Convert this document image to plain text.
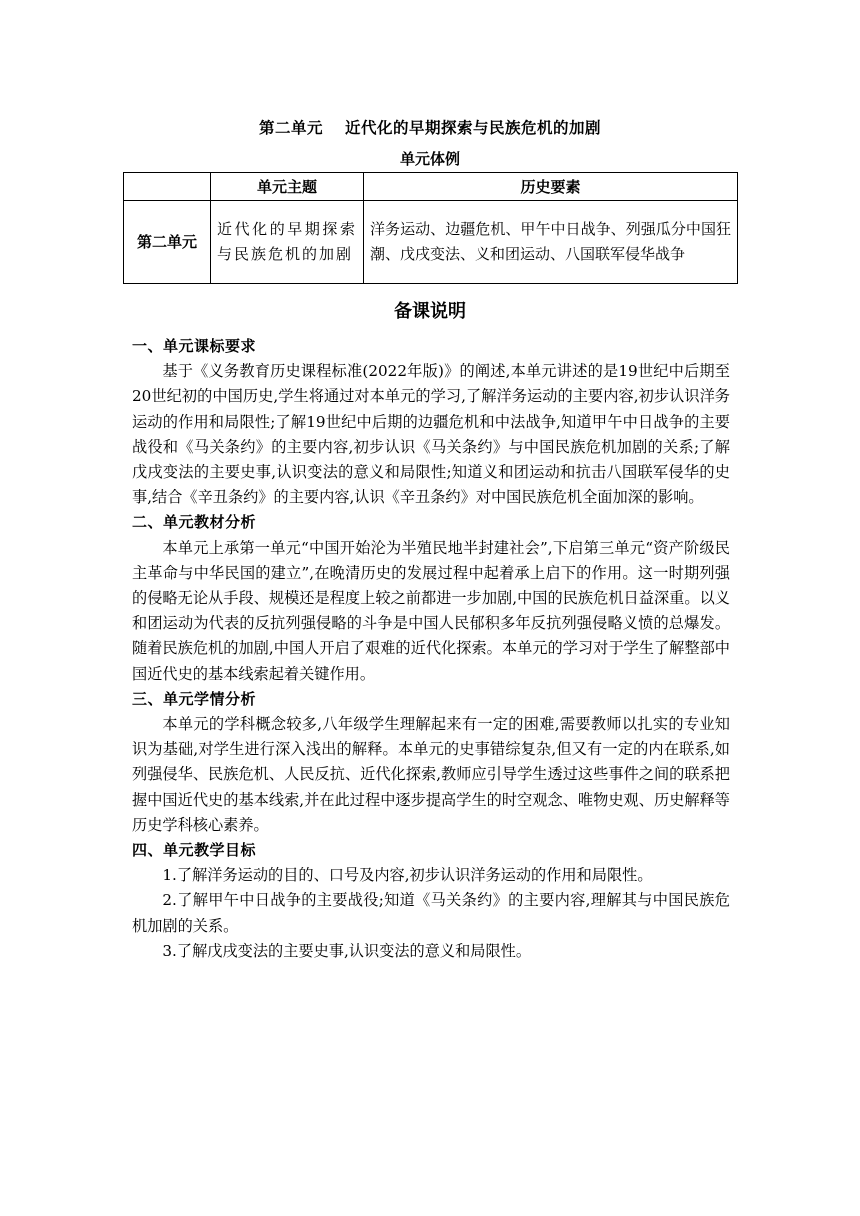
第二单元 近代化的早期探索与民族危机的加剧
单元体例
	单元主题	历史要素
第二单元	近代化的早期探索与民族危机的加剧	洋务运动、边疆危机、甲午中日战争、列强瓜分中国狂潮、戊戌变法、义和团运动、八国联军侵华战争
备课说明
一、单元课标要求

基于《义务教育历史课程标准(2022年版)》的阐述,本单元讲述的是19世纪中后期至20世纪初的中国历史,学生将通过对本单元的学习,了解洋务运动的主要内容,初步认识洋务运动的作用和局限性;了解19世纪中后期的边疆危机和中法战争,知道甲午中日战争的主要战役和《马关条约》的主要内容,初步认识《马关条约》与中国民族危机加剧的关系;了解戊戌变法的主要史事,认识变法的意义和局限性;知道义和团运动和抗击八国联军侵华的史事,结合《辛丑条约》的主要内容,认识《辛丑条约》对中国民族危机全面加深的影响。

二、单元教材分析

本单元上承第一单元“中国开始沦为半殖民地半封建社会”,下启第三单元“资产阶级民主革命与中华民国的建立”,在晚清历史的发展过程中起着承上启下的作用。这一时期列强的侵略无论从手段、规模还是程度上较之前都进一步加剧,中国的民族危机日益深重。以义和团运动为代表的反抗列强侵略的斗争是中国人民郁积多年反抗列强侵略义愤的总爆发。随着民族危机的加剧,中国人开启了艰难的近代化探索。本单元的学习对于学生了解整部中国近代史的基本线索起着关键作用。

三、单元学情分析

本单元的学科概念较多,八年级学生理解起来有一定的困难,需要教师以扎实的专业知识为基础,对学生进行深入浅出的解释。本单元的史事错综复杂,但又有一定的内在联系,如列强侵华、民族危机、人民反抗、近代化探索,教师应引导学生透过这些事件之间的联系把握中国近代史的基本线索,并在此过程中逐步提高学生的时空观念、唯物史观、历史解释等历史学科核心素养。

四、单元教学目标

1.了解洋务运动的目的、口号及内容,初步认识洋务运动的作用和局限性。

2.了解甲午中日战争的主要战役;知道《马关条约》的主要内容,理解其与中国民族危机加剧的关系。

3.了解戊戌变法的主要史事,认识变法的意义和局限性。
